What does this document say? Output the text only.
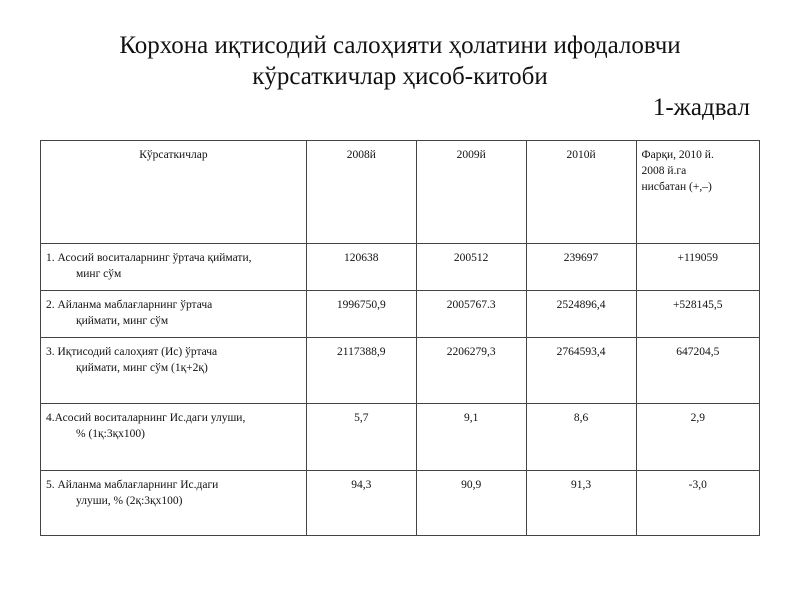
Корхона иқтисодий салоҳияти ҳолатини ифодаловчи
кўрсаткичлар ҳисоб-китоби
1-жадвал
Кўрсаткичлар	2008й	2009й	2010й	Фарқи, 2010 й.
2008 й.га
нисбатан (+,–)

1. Асосий воситаларнинг ўртача қиймати,
минг сўм	120638	200512	239697	+119059
2. Айланма маблағларнинг ўртача
қиймати, минг сўм	1996750,9	2005767.3	2524896,4	+528145,5
3. Иқтисодий салоҳият (Ис) ўртача
қиймати, минг сўм (1қ+2қ)	2117388,9	2206279,3	2764593,4	647204,5
4.Асосий воситаларнинг Ис.даги улуши,
% (1қ:3қх100)	5,7	9,1	8,6	2,9
5. Айланма маблағларнинг Ис.даги
улуши, % (2қ:3қх100)	94,3	90,9	91,3	-3,0
